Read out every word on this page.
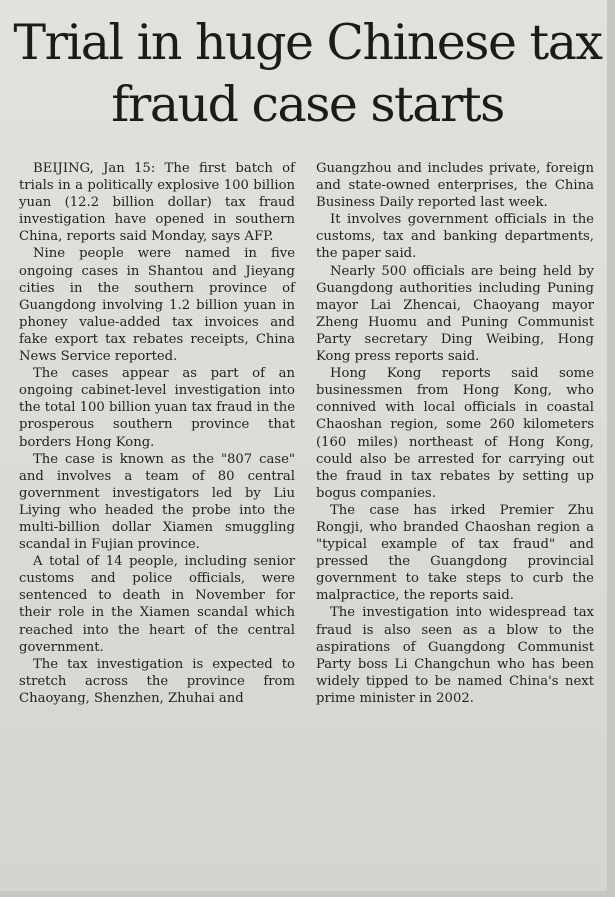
Trial in huge Chinese tax fraud case starts

BEIJING, Jan 15: The first batch of trials in a politically explosive 100 billion yuan (12.2 billion dollar) tax fraud investigation have opened in southern China, reports said Monday, says AFP.

Nine people were named in five ongoing cases in Shantou and Jieyang cities in the southern province of Guangdong involving 1.2 billion yuan in phoney value-added tax invoices and fake export tax rebates receipts, China News Service reported.

The cases appear as part of an ongoing cabinet-level investigation into the total 100 billion yuan tax fraud in the prosperous southern province that borders Hong Kong.

The case is known as the "807 case" and involves a team of 80 central government investigators led by Liu Liying who headed the probe into the multi-billion dollar Xiamen smuggling scandal in Fujian province.

A total of 14 people, including senior customs and police officials, were sentenced to death in November for their role in the Xiamen scandal which reached into the heart of the central government.

The tax investigation is expected to stretch across the province from Chaoyang, Shenzhen, Zhuhai and

Guangzhou and includes private, foreign and state-owned enterprises, the China Business Daily reported last week.

It involves government officials in the customs, tax and banking departments, the paper said.

Nearly 500 officials are being held by Guangdong authorities including Puning mayor Lai Zhencai, Chaoyang mayor Zheng Huomu and Puning Communist Party secretary Ding Weibing, Hong Kong press reports said.

Hong Kong reports said some businessmen from Hong Kong, who connived with local officials in coastal Chaoshan region, some 260 kilometers (160 miles) northeast of Hong Kong, could also be arrested for carrying out the fraud in tax rebates by setting up bogus companies.

The case has irked Premier Zhu Rongji, who branded Chaoshan region a "typical example of tax fraud" and pressed the Guangdong provincial government to take steps to curb the malpractice, the reports said.

The investigation into widespread tax fraud is also seen as a blow to the aspirations of Guangdong Communist Party boss Li Changchun who has been widely tipped to be named China's next prime minister in 2002.
